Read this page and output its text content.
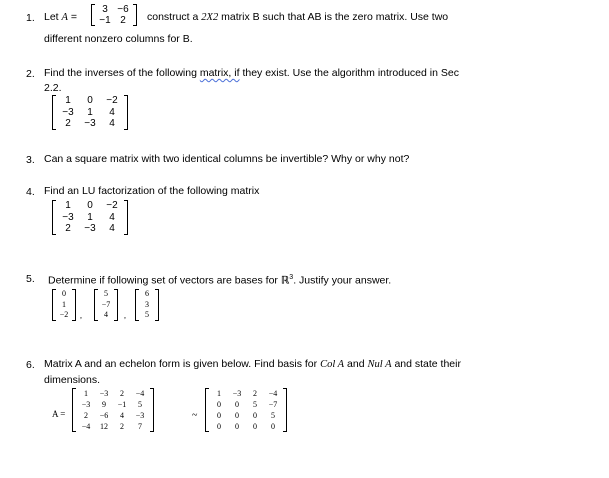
1. Let A =
3	−6
−1	2 construct a 2X2 matrix B such that AB is the zero matrix. Use two
different nonzero columns for B.
2. Find the inverses of the following matrix, if they exist. Use the algorithm introduced in Sec
2.2.
1	0	−2
−3	1	4
2	−3	4
3. Can a square matrix with two identical columns be invertible? Why or why not?
4. Find an LU factorization of the following matrix
1	0	−2
−3	1	4
2	−3	4
5. Determine if following set of vectors are bases for ℝ$^3$. Justify your answer.
0
1
−2 ,
5
−7
4 ,
6
3
5
6. Matrix A and an echelon form is given below. Find basis for Col A and Nul A and state their
dimensions.
A =
1	−3	2	−4
−3	9	−1	5
2	−6	4	−3
−4	12	2	7
~
1	−3	2	−4
0	0	5	−7
0	0	0	5
0	0	0	0
